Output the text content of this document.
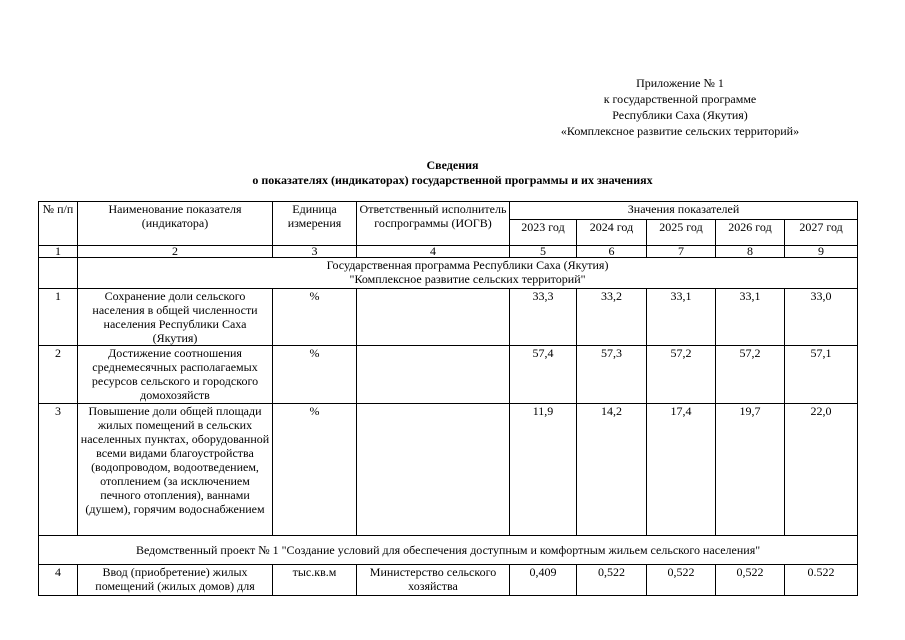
Приложение № 1
к государственной программе
Республики Саха (Якутия)
«Комплексное развитие сельских территорий»
Сведения
о показателях (индикаторах) государственной программы и их значениях
№ п/п	Наименование показателя (индикатора)	Единица измерения	Ответственный исполнитель госпрограммы (ИОГВ)	Значения показателей				
				2023 год	2024 год	2025 год	2026 год	2027 год
1	2	3	4	5	6	7	8	9

	Государственная программа Республики Саха (Якутия)
"Комплексное развитие сельских территорий"							

1	Сохранение доли сельского населения в общей численности населения Республики Саха (Якутия)	%		33,3	33,2	33,1	33,1	33,0
2	Достижение соотношения среднемесячных располагаемых ресурсов сельского и городского домохозяйств	%		57,4	57,3	57,2	57,2	57,1
3	Повышение доли общей площади жилых помещений в сельских населенных пунктах, оборудованной всеми видами благоустройства (водопроводом, водоотведением, отоплением (за исключением печного отопления), ваннами (душем), горячим водоснабжением	%		11,9	14,2	17,4	19,7	22,0
Ведомственный проект № 1 "Создание условий для обеспечения доступным и комфортным жильем сельского населения"								
4	Ввод (приобретение) жилых помещений (жилых домов) для	тыс.кв.м	Министерство сельского хозяйства	0,409	0,522	0,522	0,522	0.522
